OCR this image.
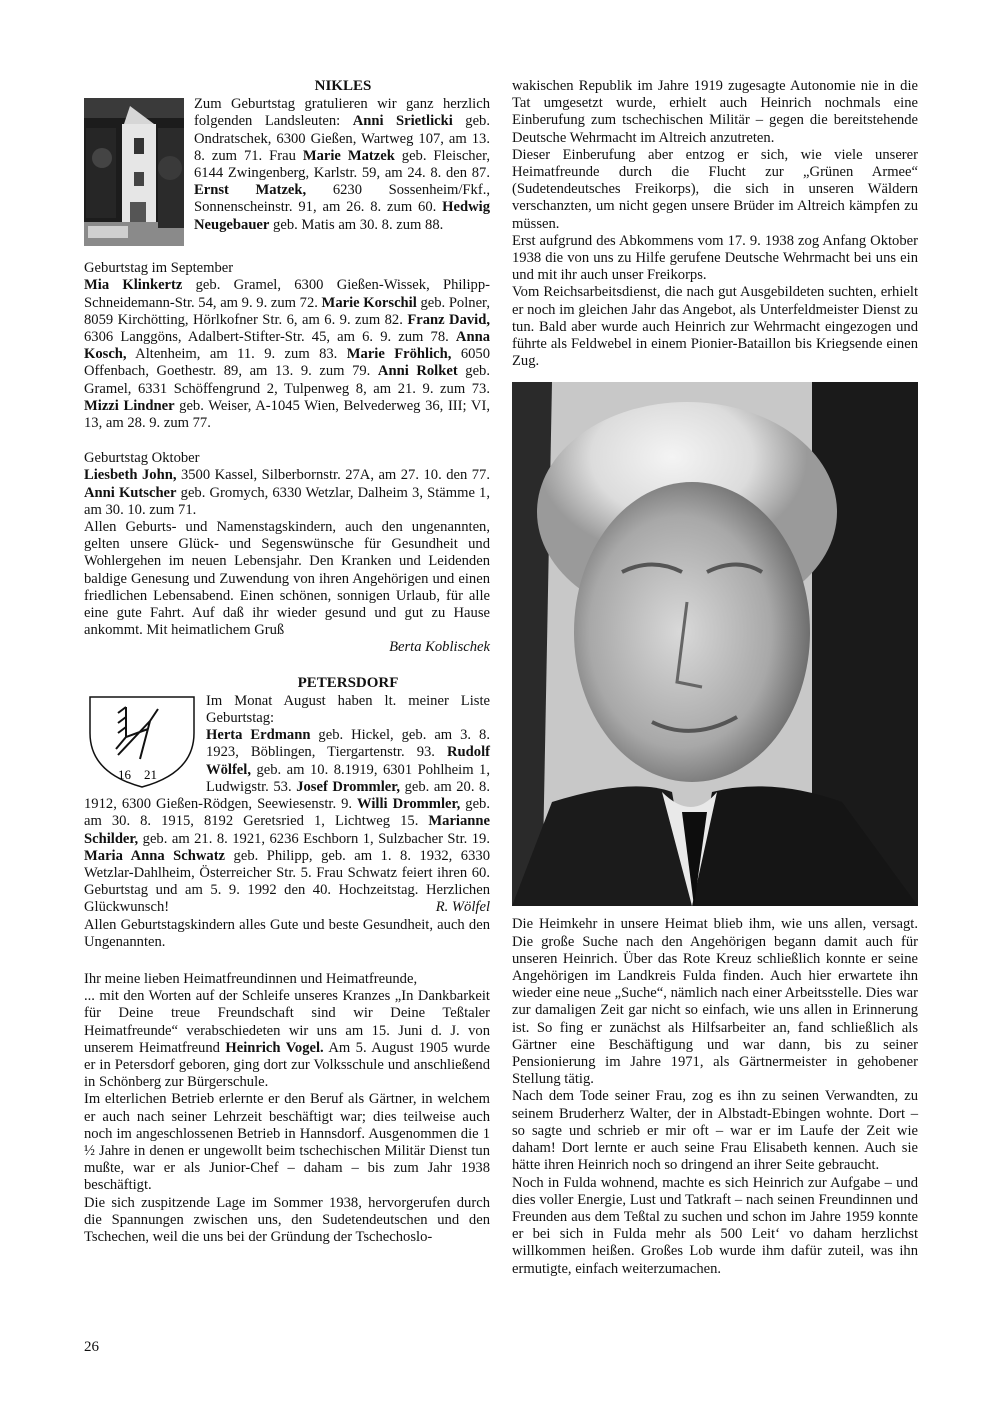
NIKLES

Zum Geburtstag gratulieren wir ganz herzlich folgenden Landsleuten: Anni Srietlicki geb. Ondratschek, 6300 Gießen, Wartweg 107, am 13. 8. zum 71. Frau Marie Matzek geb. Fleischer, 6144 Zwingenberg, Karlstr. 59, am 24. 8. den 87. Ernst Matzek, 6230 Sossenheim/Fkf., Sonnenscheinstr. 91, am 26. 8. zum 60. Hedwig Neugebauer geb. Matis am 30. 8. zum 88.

Geburtstag im September

Mia Klinkertz geb. Gramel, 6300 Gießen-Wissek, Philipp-Schneidemann-Str. 54, am 9. 9. zum 72. Marie Korschil geb. Polner, 8059 Kirchötting, Hörlkofner Str. 6, am 6. 9. zum 82. Franz David, 6306 Langgöns, Adalbert-Stifter-Str. 45, am 6. 9. zum 78. Anna Kosch, Altenheim, am 11. 9. zum 83. Marie Fröhlich, 6050 Offenbach, Goethestr. 89, am 13. 9. zum 79. Anni Rolket geb. Gramel, 6331 Schöffengrund 2, Tulpenweg 8, am 21. 9. zum 73. Mizzi Lindner geb. Weiser, A-1045 Wien, Belvederweg 36, III; VI, 13, am 28. 9. zum 77.

Geburtstag Oktober

Liesbeth John, 3500 Kassel, Silberbornstr. 27A, am 27. 10. den 77. Anni Kutscher geb. Gromych, 6330 Wetzlar, Dalheim 3, Stämme 1, am 30. 10. zum 71.

Allen Geburts- und Namenstagskindern, auch den ungenannten, gelten unsere Glück- und Segenswünsche für Gesundheit und Wohlergehen im neuen Lebensjahr. Den Kranken und Leidenden baldige Genesung und Zuwendung von ihren Angehörigen und einen friedlichen Lebensabend. Einen schönen, sonnigen Urlaub, für alle eine gute Fahrt. Auf daß ihr wieder gesund und gut zu Hause ankommt. Mit heimatlichem Gruß

Berta Koblischek

PETERSDORF
16 21

Im Monat August haben lt. meiner Liste Geburtstag:

Herta Erdmann geb. Hickel, geb. am 3. 8. 1923, Böblingen, Tiergartenstr. 93. Rudolf Wölfel, geb. am 10. 8.1919, 6301 Pohlheim 1, Ludwigstr. 53. Josef Drommler, geb. am 20. 8. 1912, 6300 Gießen-Rödgen, Seewiesenstr. 9. Willi Drommler, geb. am 30. 8. 1915, 8192 Geretsried 1, Lichtweg 15. Marianne Schilder, geb. am 21. 8. 1921, 6236 Eschborn 1, Sulzbacher Str. 19. Maria Anna Schwatz geb. Philipp, geb. am 1. 8. 1932, 6330 Wetzlar-Dahlheim, Österreicher Str. 5. Frau Schwatz feiert ihren 60. Geburtstag und am 5. 9. 1992 den 40. Hochzeitstag. Herzlichen Glückwunsch!	R. Wölfel

Allen Geburtstagskindern alles Gute und beste Gesundheit, auch den Ungenannten.

Ihr meine lieben Heimatfreundinnen und Heimatfreunde,

... mit den Worten auf der Schleife unseres Kranzes „In Dankbarkeit für Deine treue Freundschaft sind wir Deine Teßtaler Heimatfreunde“ verabschiedeten wir uns am 15. Juni d. J. von unserem Heimatfreund Heinrich Vogel. Am 5. August 1905 wurde er in Petersdorf geboren, ging dort zur Volksschule und anschließend in Schönberg zur Bürgerschule.

Im elterlichen Betrieb erlernte er den Beruf als Gärtner, in welchem er auch nach seiner Lehrzeit beschäftigt war; dies teilweise auch noch im angeschlossenen Betrieb in Hannsdorf. Ausgenommen die 1 ½ Jahre in denen er ungewollt beim tschechischen Militär Dienst tun mußte, war er als Junior-Chef – daham – bis zum Jahr 1938 beschäftigt.

Die sich zuspitzende Lage im Sommer 1938, hervorgerufen durch die Spannungen zwischen uns, den Sudetendeutschen und den Tschechen, weil die uns bei der Gründung der Tschechoslo-

wakischen Republik im Jahre 1919 zugesagte Autonomie nie in die Tat umgesetzt wurde, erhielt auch Heinrich nochmals eine Einberufung zum tschechischen Militär – gegen die bereitstehende Deutsche Wehrmacht im Altreich anzutreten.

Dieser Einberufung aber entzog er sich, wie viele unserer Heimatfreunde durch die Flucht zur „Grünen Armee“ (Sudetendeutsches Freikorps), die sich in unseren Wäldern verschanzten, um nicht gegen unsere Brüder im Altreich kämpfen zu müssen.

Erst aufgrund des Abkommens vom 17. 9. 1938 zog Anfang Oktober 1938 die von uns zu Hilfe gerufene Deutsche Wehrmacht bei uns ein und mit ihr auch unser Freikorps.

Vom Reichsarbeitsdienst, die nach gut Ausgebildeten suchten, erhielt er noch im gleichen Jahr das Angebot, als Unterfeldmeister Dienst zu tun. Bald aber wurde auch Heinrich zur Wehrmacht eingezogen und führte als Feldwebel in einem Pionier-Bataillon bis Kriegsende einen Zug.

Die Heimkehr in unsere Heimat blieb ihm, wie uns allen, versagt. Die große Suche nach den Angehörigen begann damit auch für unseren Heinrich. Über das Rote Kreuz schließlich konnte er seine Angehörigen im Landkreis Fulda finden. Auch hier erwartete ihn wieder eine neue „Suche“, nämlich nach einer Arbeitsstelle. Dies war zur damaligen Zeit gar nicht so einfach, wie uns allen in Erinnerung ist. So fing er zunächst als Hilfsarbeiter an, fand schließlich als Gärtner eine Beschäftigung und war dann, bis zu seiner Pensionierung im Jahre 1971, als Gärtnermeister in gehobener Stellung tätig.

Nach dem Tode seiner Frau, zog es ihn zu seinen Verwandten, zu seinem Bruderherz Walter, der in Albstadt-Ebingen wohnte. Dort – so sagte und schrieb er mir oft – war er im Laufe der Zeit wie daham! Dort lernte er auch seine Frau Elisabeth kennen. Auch sie hätte ihren Heinrich noch so dringend an ihrer Seite gebraucht.

Noch in Fulda wohnend, machte es sich Heinrich zur Aufgabe – und dies voller Energie, Lust und Tatkraft – nach seinen Freundinnen und Freunden aus dem Teßtal zu suchen und schon im Jahre 1959 konnte er bei sich in Fulda mehr als 500 Leit‘ vo daham herzlichst willkommen heißen. Großes Lob wurde ihm dafür zuteil, was ihn ermutigte, einfach weiterzumachen.

26
